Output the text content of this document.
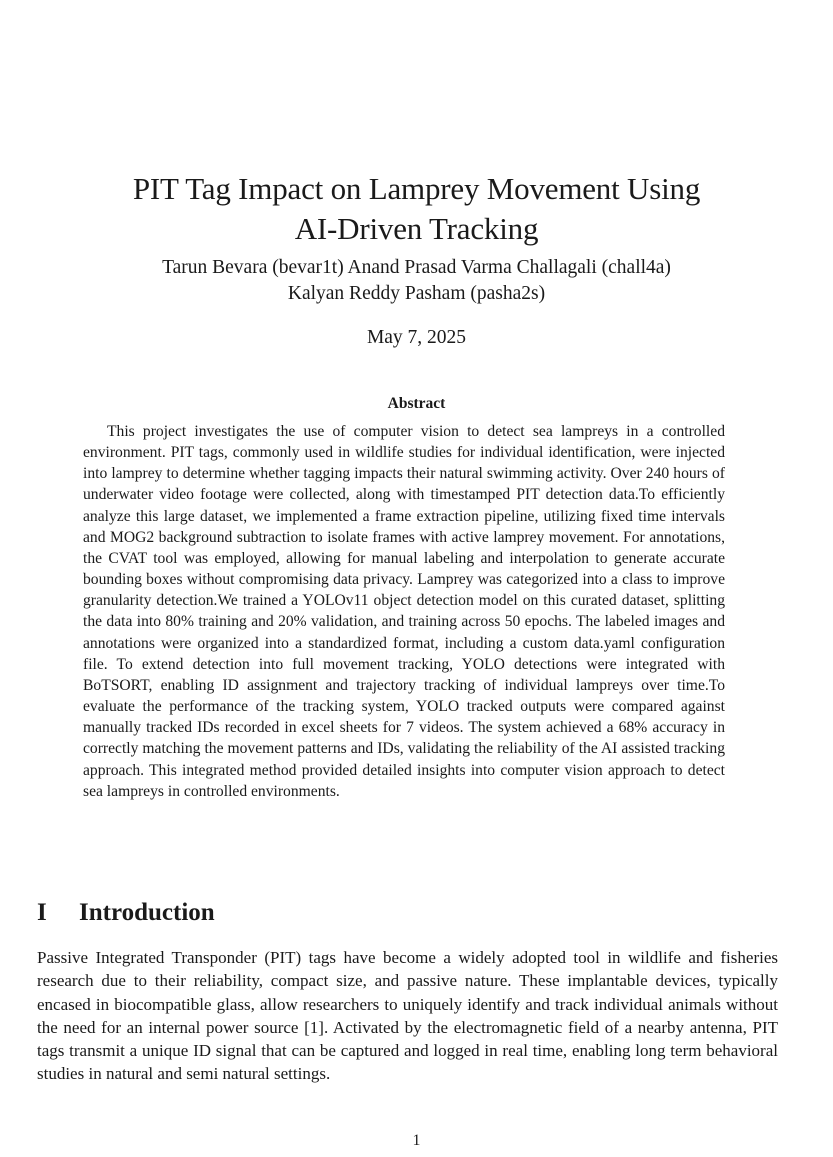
PIT Tag Impact on Lamprey Movement Using
AI-Driven Tracking
Tarun Bevara (bevar1t) Anand Prasad Varma Challagali (chall4a)
Kalyan Reddy Pasham (pasha2s)
May 7, 2025
Abstract

This project investigates the use of computer vision to detect sea lampreys in a controlled environment. PIT tags, commonly used in wildlife studies for individual identification, were injected into lamprey to determine whether tagging impacts their natural swimming activity. Over 240 hours of underwater video footage were collected, along with timestamped PIT detection data.To efficiently analyze this large dataset, we implemented a frame extraction pipeline, utilizing fixed time intervals and MOG2 background subtraction to isolate frames with active lamprey movement. For annotations, the CVAT tool was employed, allowing for manual labeling and interpolation to generate accurate bounding boxes without compromising data privacy. Lamprey was categorized into a class to improve granularity detection.We trained a YOLOv11 object detection model on this curated dataset, splitting the data into 80% training and 20% validation, and training across 50 epochs. The labeled images and annotations were organized into a standardized format, including a custom data.yaml configuration file. To extend detection into full movement tracking, YOLO detections were integrated with BoTSORT, enabling ID assignment and trajectory tracking of individual lampreys over time.To evaluate the performance of the tracking system, YOLO tracked outputs were compared against manually tracked IDs recorded in excel sheets for 7 videos. The system achieved a 68% accuracy in correctly matching the movement patterns and IDs, validating the reliability of the AI assisted tracking approach. This integrated method provided detailed insights into computer vision approach to detect sea lampreys in controlled environments.

I Introduction

Passive Integrated Transponder (PIT) tags have become a widely adopted tool in wildlife and fisheries research due to their reliability, compact size, and passive nature. These implantable devices, typically encased in biocompatible glass, allow researchers to uniquely identify and track individual animals without the need for an internal power source [1]. Activated by the electromagnetic field of a nearby antenna, PIT tags transmit a unique ID signal that can be captured and logged in real time, enabling long term behavioral studies in natural and semi natural settings.

1
